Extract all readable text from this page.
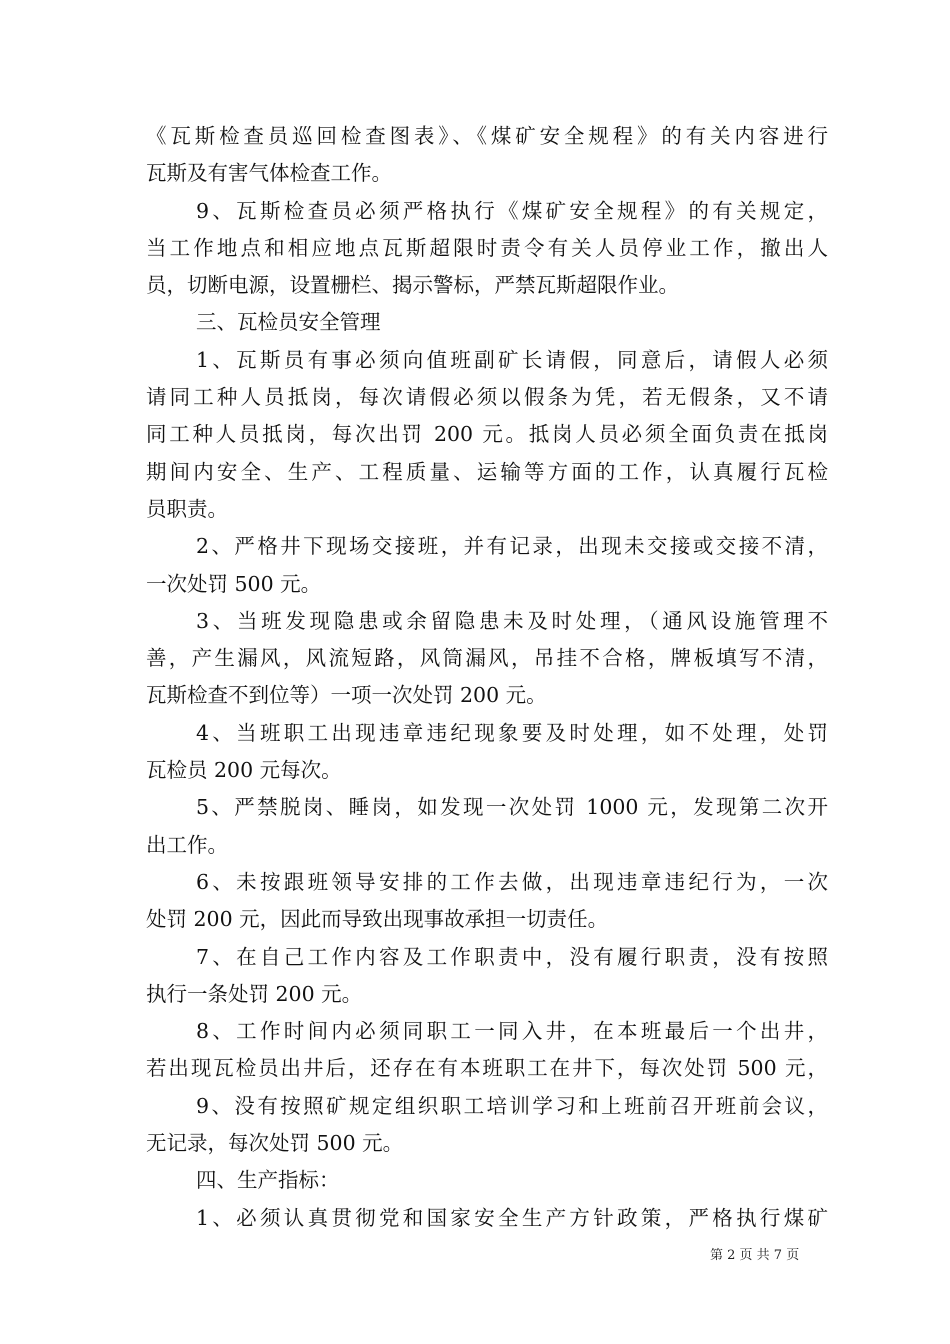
《瓦斯检查员巡回检查图表》、《煤矿安全规程》的有关内容进行
瓦斯及有害气体检查工作。
9、瓦斯检查员必须严格执行《煤矿安全规程》的有关规定，
当工作地点和相应地点瓦斯超限时责令有关人员停业工作，撤出人
员，切断电源，设置栅栏、揭示警标，严禁瓦斯超限作业。
三、瓦检员安全管理
1、瓦斯员有事必须向值班副矿长请假，同意后，请假人必须
请同工种人员抵岗，每次请假必须以假条为凭，若无假条，又不请
同工种人员抵岗，每次出罚 200 元。抵岗人员必须全面负责在抵岗
期间内安全、生产、工程质量、运输等方面的工作，认真履行瓦检
员职责。
2、严格井下现场交接班，并有记录，出现未交接或交接不清，
一次处罚 500 元。
3、当班发现隐患或余留隐患未及时处理，（通风设施管理不
善，产生漏风，风流短路，风筒漏风，吊挂不合格，牌板填写不清，
瓦斯检查不到位等）一项一次处罚 200 元。
4、当班职工出现违章违纪现象要及时处理，如不处理，处罚
瓦检员 200 元每次。
5、严禁脱岗、睡岗，如发现一次处罚 1000 元，发现第二次开
出工作。
6、未按跟班领导安排的工作去做，出现违章违纪行为，一次
处罚 200 元，因此而导致出现事故承担一切责任。
7、在自己工作内容及工作职责中，没有履行职责，没有按照
执行一条处罚 200 元。
8、工作时间内必须同职工一同入井，在本班最后一个出井，
若出现瓦检员出井后，还存在有本班职工在井下，每次处罚 500 元，
9、没有按照矿规定组织职工培训学习和上班前召开班前会议，
无记录，每次处罚 500 元。
四、生产指标：
1、必须认真贯彻党和国家安全生产方针政策，严格执行煤矿
第 2 页 共 7 页
